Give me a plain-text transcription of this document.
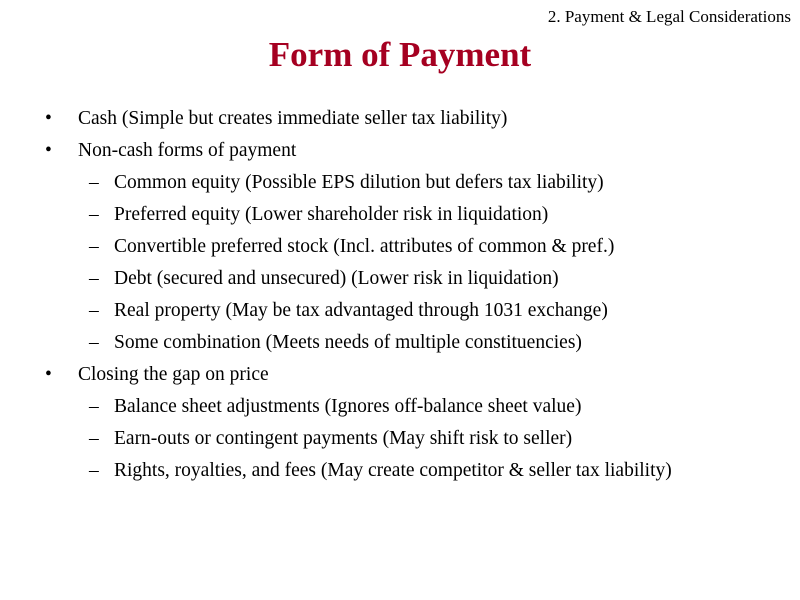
2. Payment & Legal Considerations
Form of Payment
• Cash (Simple but creates immediate seller tax liability)
• Non-cash forms of payment
– Common equity (Possible EPS dilution but defers tax liability)
– Preferred equity (Lower shareholder risk in liquidation)
– Convertible preferred stock (Incl. attributes of common & pref.)
– Debt (secured and unsecured) (Lower risk in liquidation)
– Real property (May be tax advantaged through 1031 exchange)
– Some combination (Meets needs of multiple constituencies)
• Closing the gap on price
– Balance sheet adjustments (Ignores off-balance sheet value)
– Earn-outs or contingent payments (May shift risk to seller)
– Rights, royalties, and fees (May create competitor & seller tax liability)
